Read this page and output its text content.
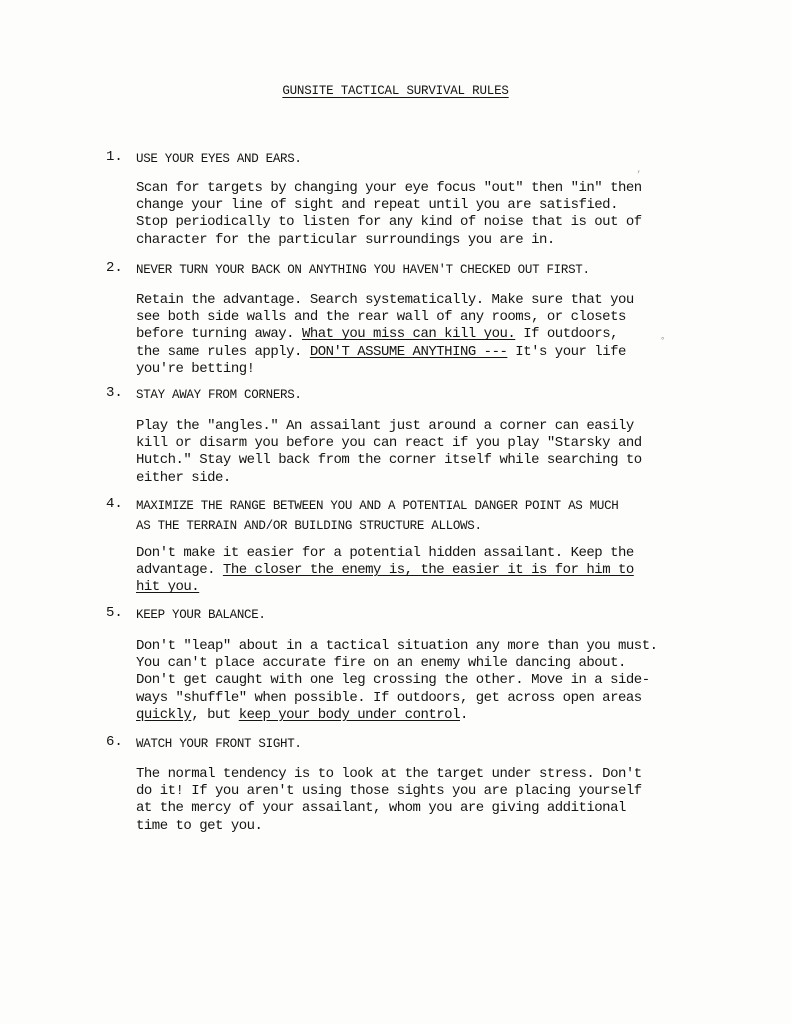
GUNSITE TACTICAL SURVIVAL RULES
1. USE YOUR EYES AND EARS.
Scan for targets by changing your eye focus "out" then "in" then
change your line of sight and repeat until you are satisfied.
Stop periodically to listen for any kind of noise that is out of
character for the particular surroundings you are in.
2. NEVER TURN YOUR BACK ON ANYTHING YOU HAVEN'T CHECKED OUT FIRST.
Retain the advantage. Search systematically. Make sure that you
see both side walls and the rear wall of any rooms, or closets
before turning away. What you miss can kill you. If outdoors,
the same rules apply. DON'T ASSUME ANYTHING --- It's your life
you're betting!
3. STAY AWAY FROM CORNERS.
Play the "angles." An assailant just around a corner can easily
kill or disarm you before you can react if you play "Starsky and
Hutch." Stay well back from the corner itself while searching to
either side.
4. MAXIMIZE THE RANGE BETWEEN YOU AND A POTENTIAL DANGER POINT AS MUCH AS THE TERRAIN AND/OR BUILDING STRUCTURE ALLOWS.
Don't make it easier for a potential hidden assailant. Keep the
advantage. The closer the enemy is, the easier it is for him to
hit you.
5. KEEP YOUR BALANCE.
Don't "leap" about in a tactical situation any more than you must.
You can't place accurate fire on an enemy while dancing about.
Don't get caught with one leg crossing the other. Move in a side-
ways "shuffle" when possible. If outdoors, get across open areas
quickly, but keep your body under control.
6. WATCH YOUR FRONT SIGHT.
The normal tendency is to look at the target under stress. Don't
do it! If you aren't using those sights you are placing yourself
at the mercy of your assailant, whom you are giving additional
time to get you.
°
’
